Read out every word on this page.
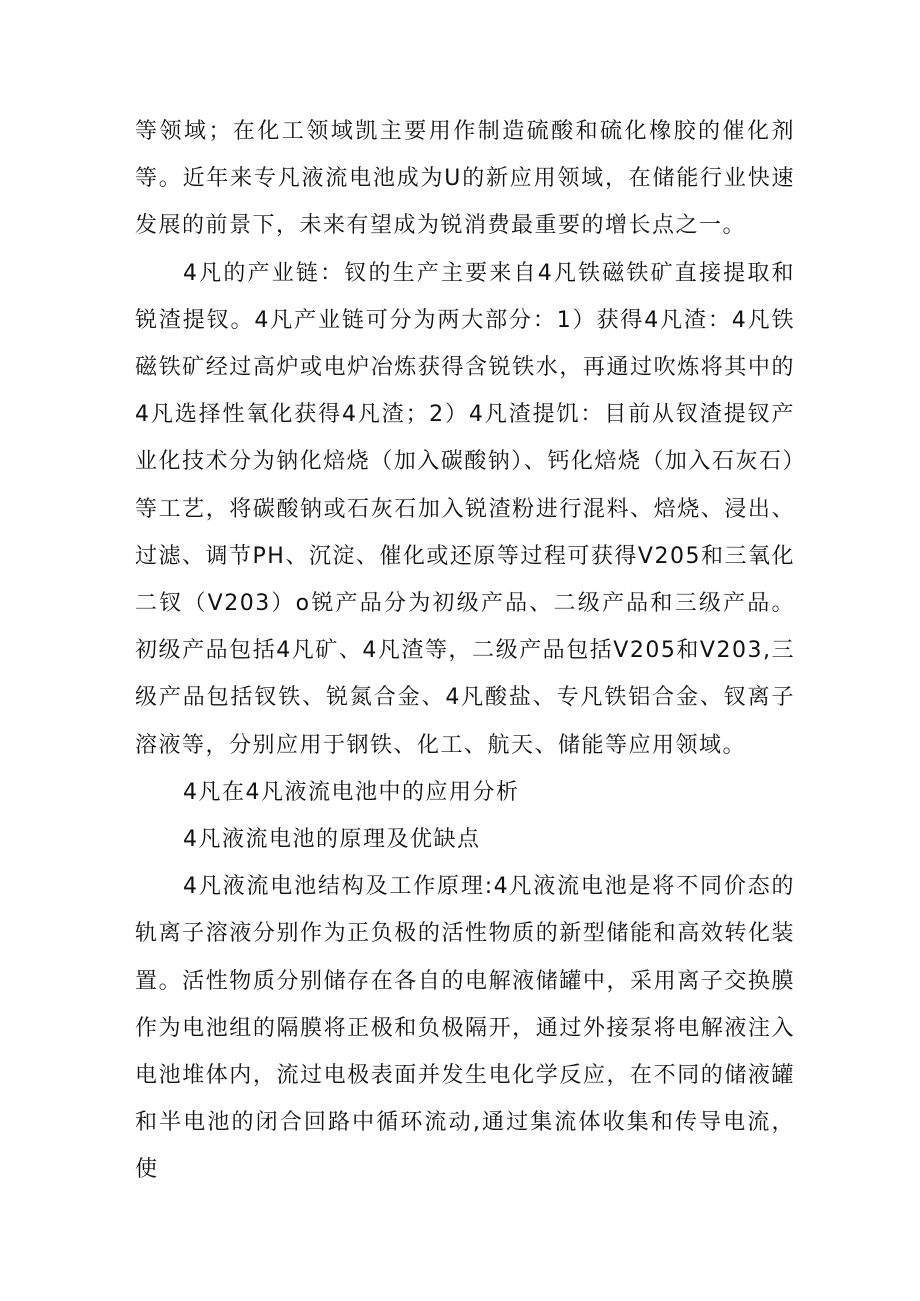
等领域；在化工领域凯主要用作制造硫酸和硫化橡胶的催化剂等。近年来专凡液流电池成为U的新应用领域，在储能行业快速发展的前景下，未来有望成为锐消费最重要的增长点之一。

4凡的产业链：钗的生产主要来自4凡铁磁铁矿直接提取和锐渣提钗。4凡产业链可分为两大部分：1）获得4凡渣：4凡铁磁铁矿经过高炉或电炉冶炼获得含锐铁水，再通过吹炼将其中的4凡选择性氧化获得4凡渣；2）4凡渣提饥：目前从钗渣提钗产业化技术分为钠化焙烧（加入碳酸钠）、钙化焙烧（加入石灰石）等工艺，将碳酸钠或石灰石加入锐渣粉进行混料、焙烧、浸出、过滤、调节PH、沉淀、催化或还原等过程可获得V205和三氧化二钗（V203）o锐产品分为初级产品、二级产品和三级产品。初级产品包括4凡矿、4凡渣等，二级产品包括V205和V203,三级产品包括钗铁、锐氮合金、4凡酸盐、专凡铁铝合金、钗离子溶液等，分别应用于钢铁、化工、航天、储能等应用领域。

4凡在4凡液流电池中的应用分析

4凡液流电池的原理及优缺点

4凡液流电池结构及工作原理:4凡液流电池是将不同价态的轨离子溶液分别作为正负极的活性物质的新型储能和高效转化装置。活性物质分别储存在各自的电解液储罐中，采用离子交换膜作为电池组的隔膜将正极和负极隔开，通过外接泵将电解液注入电池堆体内，流过电极表面并发生电化学反应，在不同的储液罐和半电池的闭合回路中循环流动,通过集流体收集和传导电流，使
